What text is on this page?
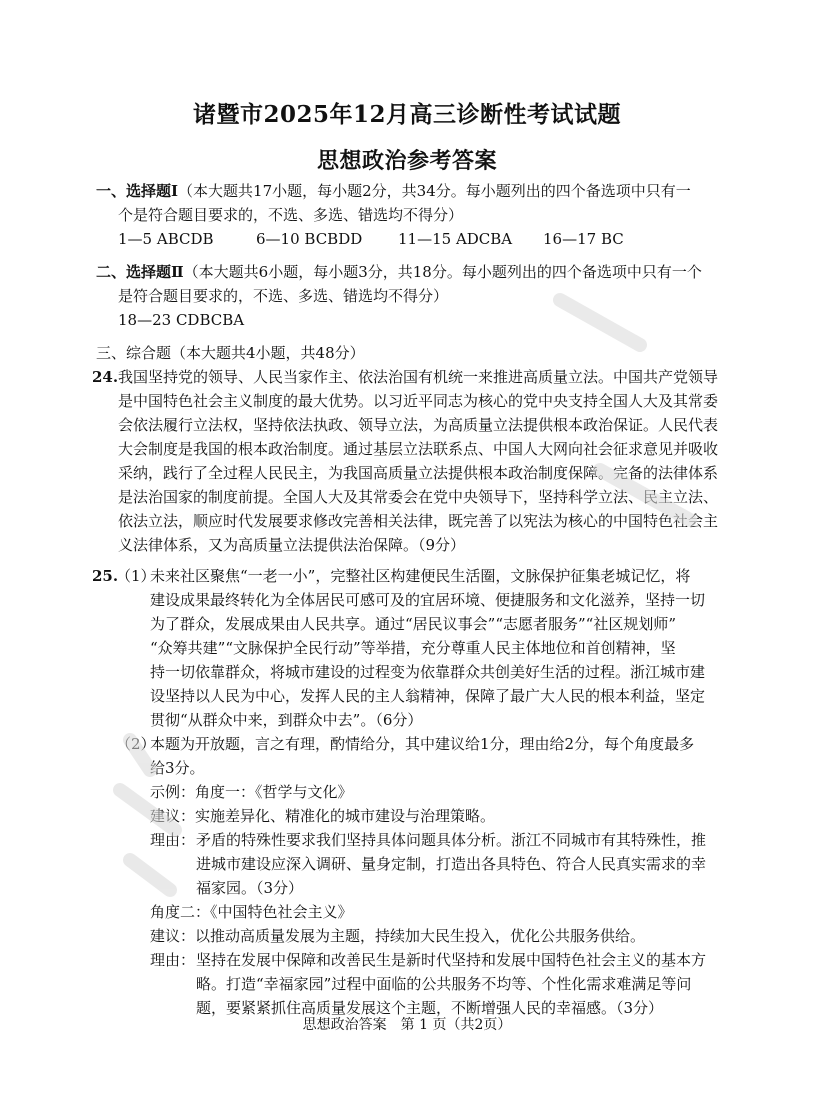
诸暨市2025年12月高三诊断性考试试题
思想政治参考答案
一、选择题Ⅰ（本大题共17小题，每小题2分，共34分。每小题列出的四个备选项中只有一
个是符合题目要求的，不选、多选、错选均不得分）
1—5 ABCDB	6—10 BCBDD 11—15 ADCBA 16—17 BC
二、选择题Ⅱ（本大题共6小题，每小题3分，共18分。每小题列出的四个备选项中只有一个
是符合题目要求的，不选、多选、错选均不得分）
18—23 CDBCBA
三、综合题（本大题共4小题，共48分）
24. 我国坚持党的领导、人民当家作主、依法治国有机统一来推进高质量立法。中国共产党领导
是中国特色社会主义制度的最大优势。以习近平同志为核心的党中央支持全国人大及其常委
会依法履行立法权，坚持依法执政、领导立法，为高质量立法提供根本政治保证。人民代表
大会制度是我国的根本政治制度。通过基层立法联系点、中国人大网向社会征求意见并吸收
采纳，践行了全过程人民民主，为我国高质量立法提供根本政治制度保障。完备的法律体系
是法治国家的制度前提。全国人大及其常委会在党中央领导下，坚持科学立法、民主立法、
依法立法，顺应时代发展要求修改完善相关法律，既完善了以宪法为核心的中国特色社会主
义法律体系，又为高质量立法提供法治保障。（9分）
25.
（1）
未来社区聚焦“一老一小”，完整社区构建便民生活圈，文脉保护征集老城记忆，将
建设成果最终转化为全体居民可感可及的宜居环境、便捷服务和文化滋养，坚持一切
为了群众，发展成果由人民共享。通过“居民议事会”“志愿者服务”“社区规划师”
“众筹共建”“文脉保护全民行动”等举措，充分尊重人民主体地位和首创精神，坚
持一切依靠群众，将城市建设的过程变为依靠群众共创美好生活的过程。浙江城市建
设坚持以人民为中心，发挥人民的主人翁精神，保障了最广大人民的根本利益，坚定
贯彻“从群众中来，到群众中去”。（6分）
（2）
本题为开放题，言之有理，酌情给分，其中建议给1分，理由给2分，每个角度最多
给3分。
示例：角度一：《哲学与文化》
建议：实施差异化、精准化的城市建设与治理策略。
理由： 矛盾的特殊性要求我们坚持具体问题具体分析。浙江不同城市有其特殊性，推
进城市建设应深入调研、量身定制，打造出各具特色、符合人民真实需求的幸
福家园。（3分）
角度二：《中国特色社会主义》
建议：以推动高质量发展为主题，持续加大民生投入，优化公共服务供给。
理由： 坚持在发展中保障和改善民生是新时代坚持和发展中国特色社会主义的基本方
略。打造“幸福家园”过程中面临的公共服务不均等、个性化需求难满足等问
题，要紧紧抓住高质量发展这个主题，不断增强人民的幸福感。（3分）
思想政治答案　第 1 页（共2页）
